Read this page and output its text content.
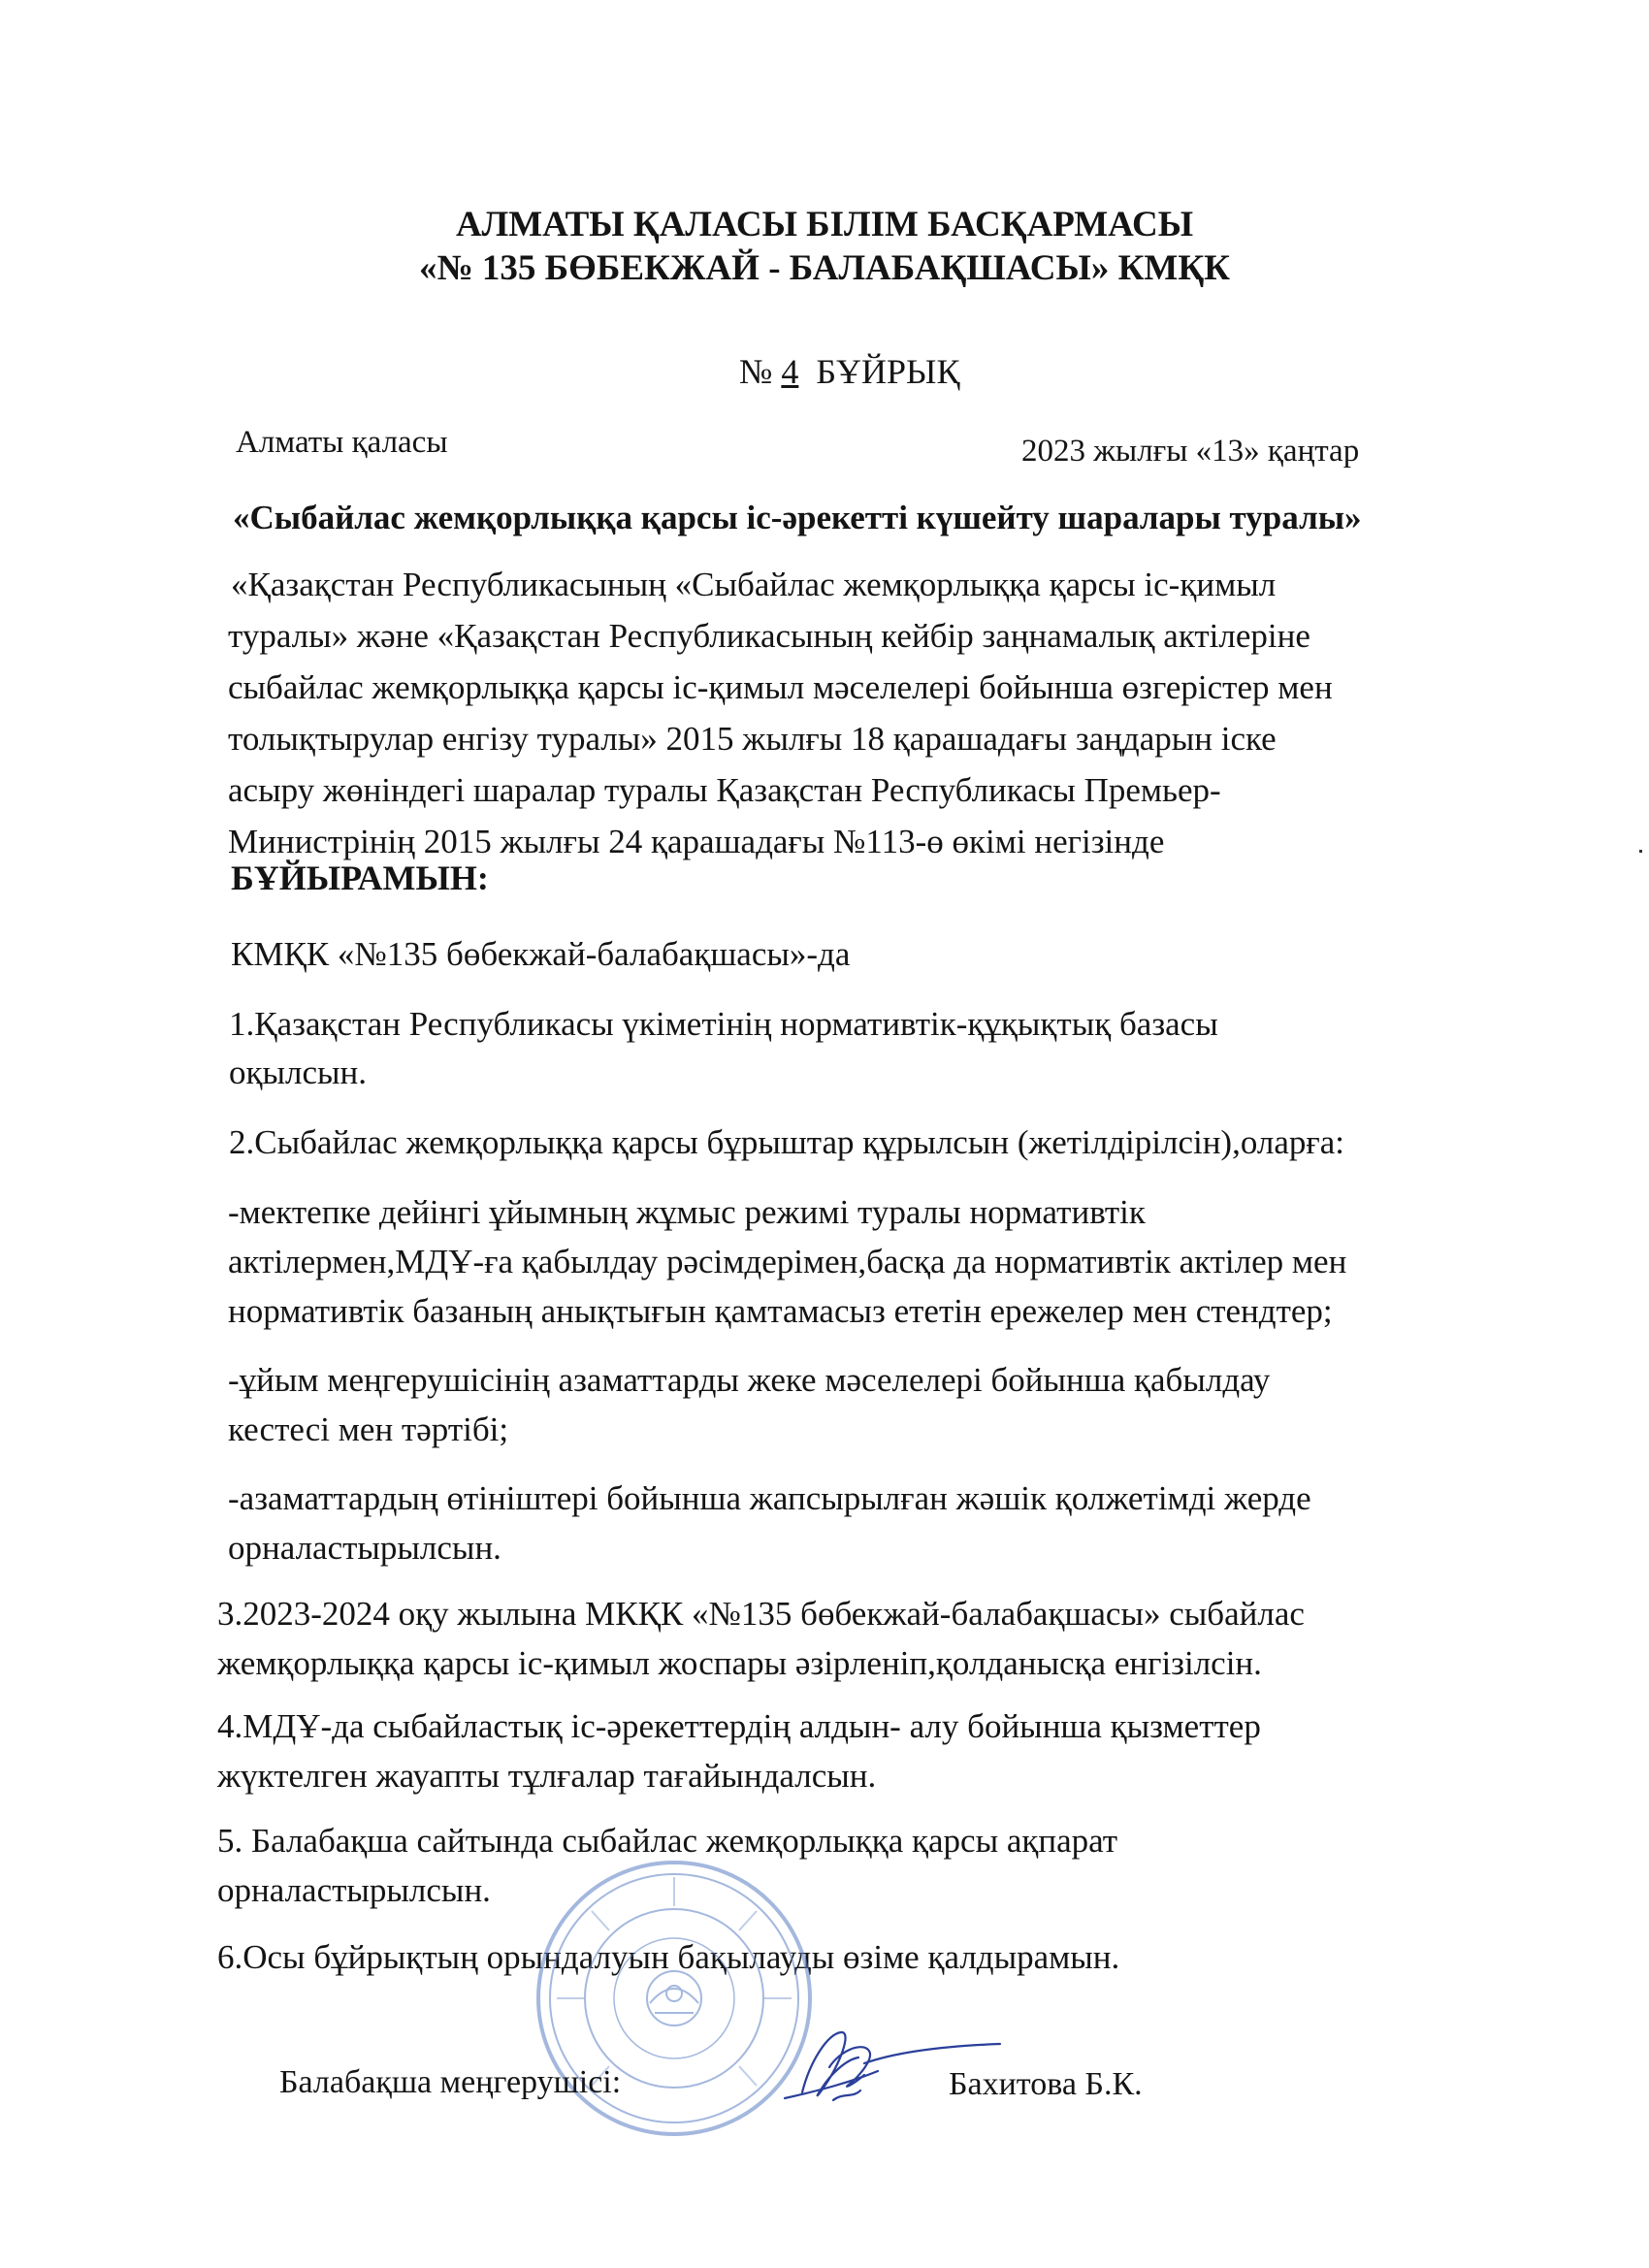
АЛМАТЫ ҚАЛАСЫ БІЛІМ БАСҚАРМАСЫ
«№ 135 БӨБЕКЖАЙ - БАЛАБАҚШАСЫ» КМҚК
№ 4 БҰЙРЫҚ
Алматы қаласы	2023 жылғы «13» қаңтар
«Сыбайлас жемқорлыққа қарсы іс-әрекетті күшейту шаралары туралы»
«Қазақстан Республикасының «Сыбайлас жемқорлыққа қарсы іс-қимыл
туралы» және «Қазақстан Республикасының кейбір заңнамалық актілеріне
сыбайлас жемқорлыққа қарсы іс-қимыл мәселелері бойынша өзгерістер мен
толықтырулар енгізу туралы» 2015 жылғы 18 қарашадағы заңдарын іске
асыру жөніндегі шаралар туралы Қазақстан Республикасы Премьер-
Министрінің 2015 жылғы 24 қарашадағы №113-ө өкімі негізінде
БҰЙЫРАМЫН:
КМҚК «№135 бөбекжай-балабақшасы»-да
1.Қазақстан Республикасы үкіметінің нормативтік-құқықтық базасы
оқылсын.
2.Сыбайлас жемқорлыққа қарсы бұрыштар құрылсын (жетілдірілсін),оларға:
-мектепке дейінгі ұйымның жұмыс режимі туралы нормативтік
актілермен,МДҰ-ға қабылдау рәсімдерімен,басқа да нормативтік актілер мен
нормативтік базаның анықтығын қамтамасыз ететін ережелер мен стендтер;
-ұйым меңгерушісінің азаматтарды жеке мәселелері бойынша қабылдау
кестесі мен тәртібі;
-азаматтардың өтініштері бойынша жапсырылған жәшік қолжетімді жерде
орналастырылсын.
3.2023-2024 оқу жылына МКҚК «№135 бөбекжай-балабақшасы» сыбайлас
жемқорлыққа қарсы іс-қимыл жоспары әзірленіп,қолданысқа енгізілсін.
4.МДҰ-да сыбайластық іс-әрекеттердің алдын- алу бойынша қызметтер
жүктелген жауапты тұлғалар тағайындалсын.
5. Балабақша сайтында сыбайлас жемқорлыққа қарсы ақпарат
орналастырылсын.
6.Осы бұйрықтың орындалуын бақылауды өзіме қалдырамын.
Балабақша меңгерушісі:	Бахитова Б.К.
